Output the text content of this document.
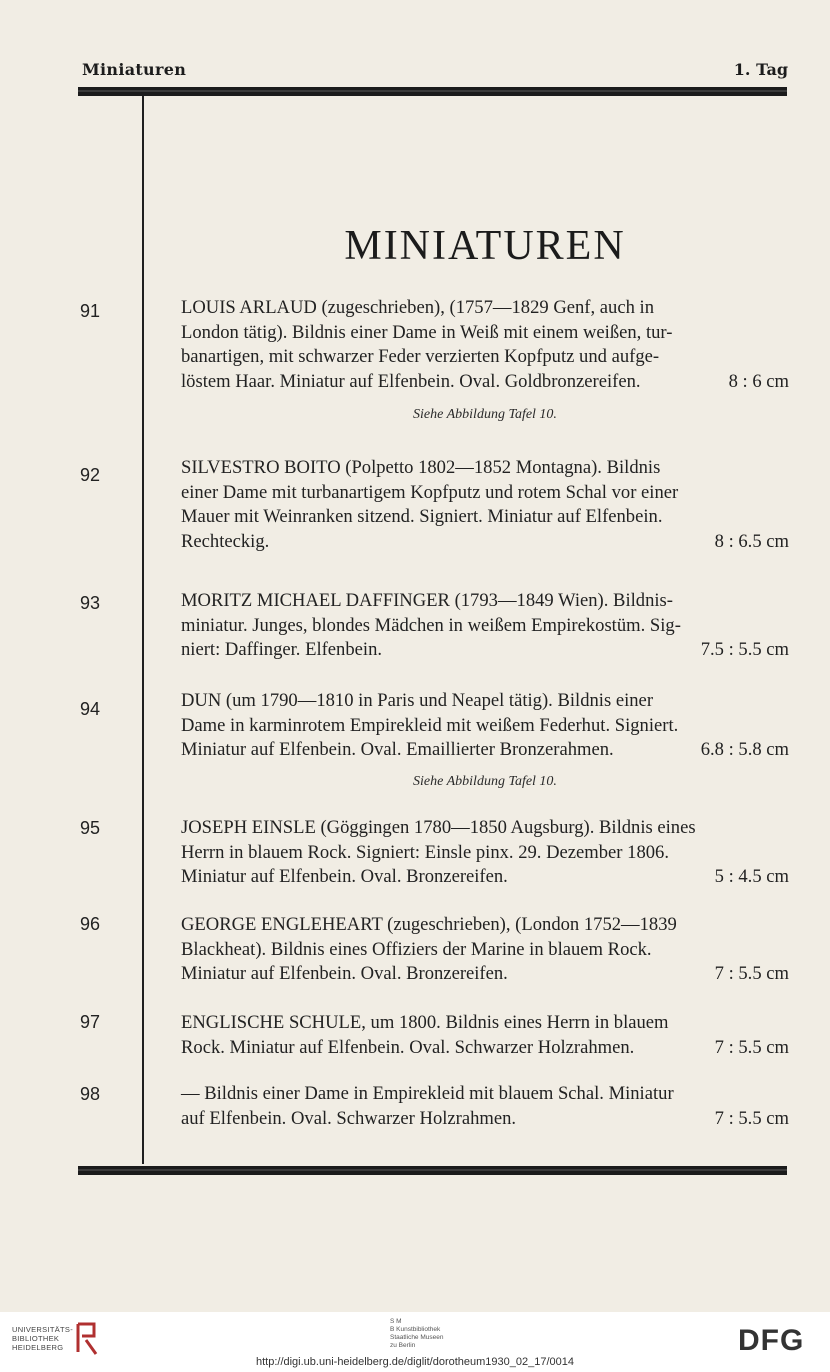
Miniaturen	1. Tag
MINIATUREN
91	LOUIS ARLAUD (zugeschrieben), (1757—1829 Genf, auch in
London tätig). Bildnis einer Dame in Weiß mit einem weißen, tur-
banartigen, mit schwarzer Feder verzierten Kopfputz und aufge-
löstem Haar. Miniatur auf Elfenbein. Oval. Goldbronzereifen.	8 : 6 cm
Siehe Abbildung Tafel 10.
92	SILVESTRO BOITO (Polpetto 1802—1852 Montagna). Bildnis
einer Dame mit turbanartigem Kopfputz und rotem Schal vor einer
Mauer mit Weinranken sitzend. Signiert. Miniatur auf Elfenbein.
Rechteckig.	8 : 6.5 cm
93	MORITZ MICHAEL DAFFINGER (1793—1849 Wien). Bildnis-
miniatur. Junges, blondes Mädchen in weißem Empirekostüm. Sig-
niert: Daffinger. Elfenbein.	7.5 : 5.5 cm
94	DUN (um 1790—1810 in Paris und Neapel tätig). Bildnis einer
Dame in karminrotem Empirekleid mit weißem Federhut. Signiert.
Miniatur auf Elfenbein. Oval. Emaillierter Bronzerahmen.	6.8 : 5.8 cm
Siehe Abbildung Tafel 10.
95	JOSEPH EINSLE (Göggingen 1780—1850 Augsburg). Bildnis eines
Herrn in blauem Rock. Signiert: Einsle pinx. 29. Dezember 1806.
Miniatur auf Elfenbein. Oval. Bronzereifen.	5 : 4.5 cm
96	GEORGE ENGLEHEART (zugeschrieben), (London 1752—1839
Blackheat). Bildnis eines Offiziers der Marine in blauem Rock.
Miniatur auf Elfenbein. Oval. Bronzereifen.	7 : 5.5 cm
97	ENGLISCHE SCHULE, um 1800. Bildnis eines Herrn in blauem
Rock. Miniatur auf Elfenbein. Oval. Schwarzer Holzrahmen.	7 : 5.5 cm
98	— Bildnis einer Dame in Empirekleid mit blauem Schal. Miniatur
auf Elfenbein. Oval. Schwarzer Holzrahmen.	7 : 5.5 cm
UNIVERSITÄTS-
BIBLIOTHEK
HEIDELBERG
S M
B Kunstbibliothek
Staatliche Museen
zu Berlin	DFG
http://digi.ub.uni-heidelberg.de/diglit/dorotheum1930_02_17/0014
